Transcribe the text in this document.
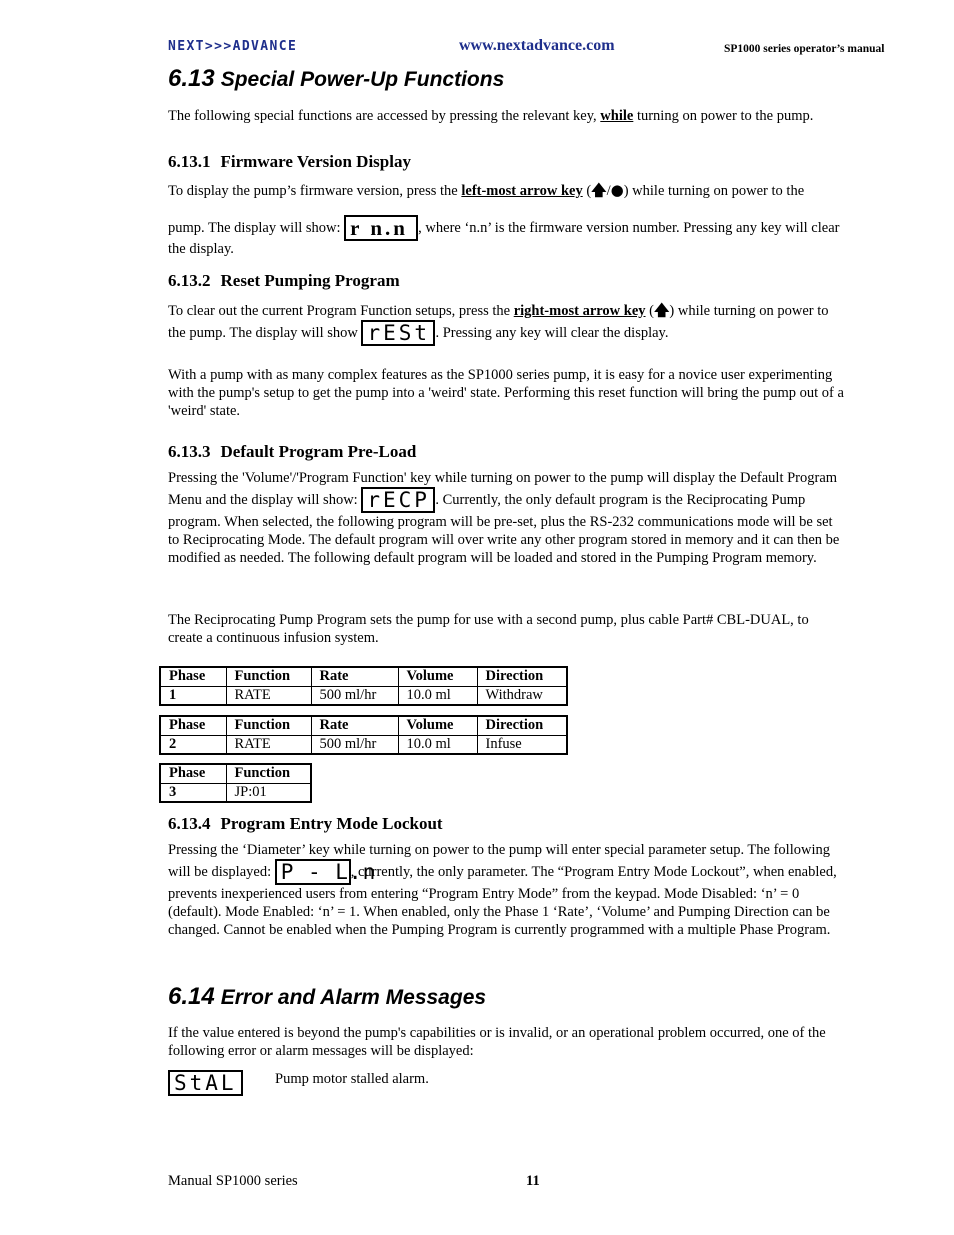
NEXT>>>ADVANCE	www.nextadvance.com	SP1000 series operator’s manual
6.13 Special Power-Up Functions
The following special functions are accessed by pressing the relevant key, while turning on power to the pump.
6.13.1 Firmware Version Display
To display the pump’s firmware version, press the left-most arrow key (🡅/●) while turning on power to the pump. The display will show: r n.n , where ‘n.n’ is the firmware version number. Pressing any key will clear the display.
6.13.2 Reset Pumping Program
To clear out the current Program Function setups, press the right-most arrow key (🡅) while turning on power to the pump. The display will show rESt . Pressing any key will clear the display.
With a pump with as many complex features as the SP1000 series pump, it is easy for a novice user experimenting with the pump's setup to get the pump into a 'weird' state. Performing this reset function will bring the pump out of a 'weird' state.
6.13.3 Default Program Pre-Load
Pressing the 'Volume'/'Program Function' key while turning on power to the pump will display the Default Program Menu and the display will show: rECP . Currently, the only default program is the Reciprocating Pump program. When selected, the following program will be pre-set, plus the RS-232 communications mode will be set to Reciprocating Mode. The default program will over write any other program stored in memory and it can then be modified as needed. The following default program will be loaded and stored in the Pumping Program memory.
The Reciprocating Pump Program sets the pump for use with a second pump, plus cable Part# CBL-DUAL, to create a continuous infusion system.
Phase	Function	Rate	Volume	Direction
1	RATE	500 ml/hr	10.0 ml	Withdraw
Phase	Function	Rate	Volume	Direction
2	RATE	500 ml/hr	10.0 ml	Infuse
Phase	Function
3	JP:01
6.13.4 Program Entry Mode Lockout
Pressing the ‘Diameter’ key while turning on power to the pump will enter special parameter setup. The following will be displayed: P - L.n, currently, the only parameter. The “Program Entry Mode Lockout”, when enabled, prevents inexperienced users from entering “Program Entry Mode” from the keypad. Mode Disabled: ‘n’ = 0 (default). Mode Enabled: ‘n’ = 1. When enabled, only the Phase 1 ‘Rate’, ‘Volume’ and Pumping Direction can be changed. Cannot be enabled when the Pumping Program is currently programmed with a multiple Phase Program.
6.14 Error and Alarm Messages
If the value entered is beyond the pump's capabilities or is invalid, or an operational problem occurred, one of the following error or alarm messages will be displayed:
StAL	Pump motor stalled alarm.
Manual SP1000 series	11
